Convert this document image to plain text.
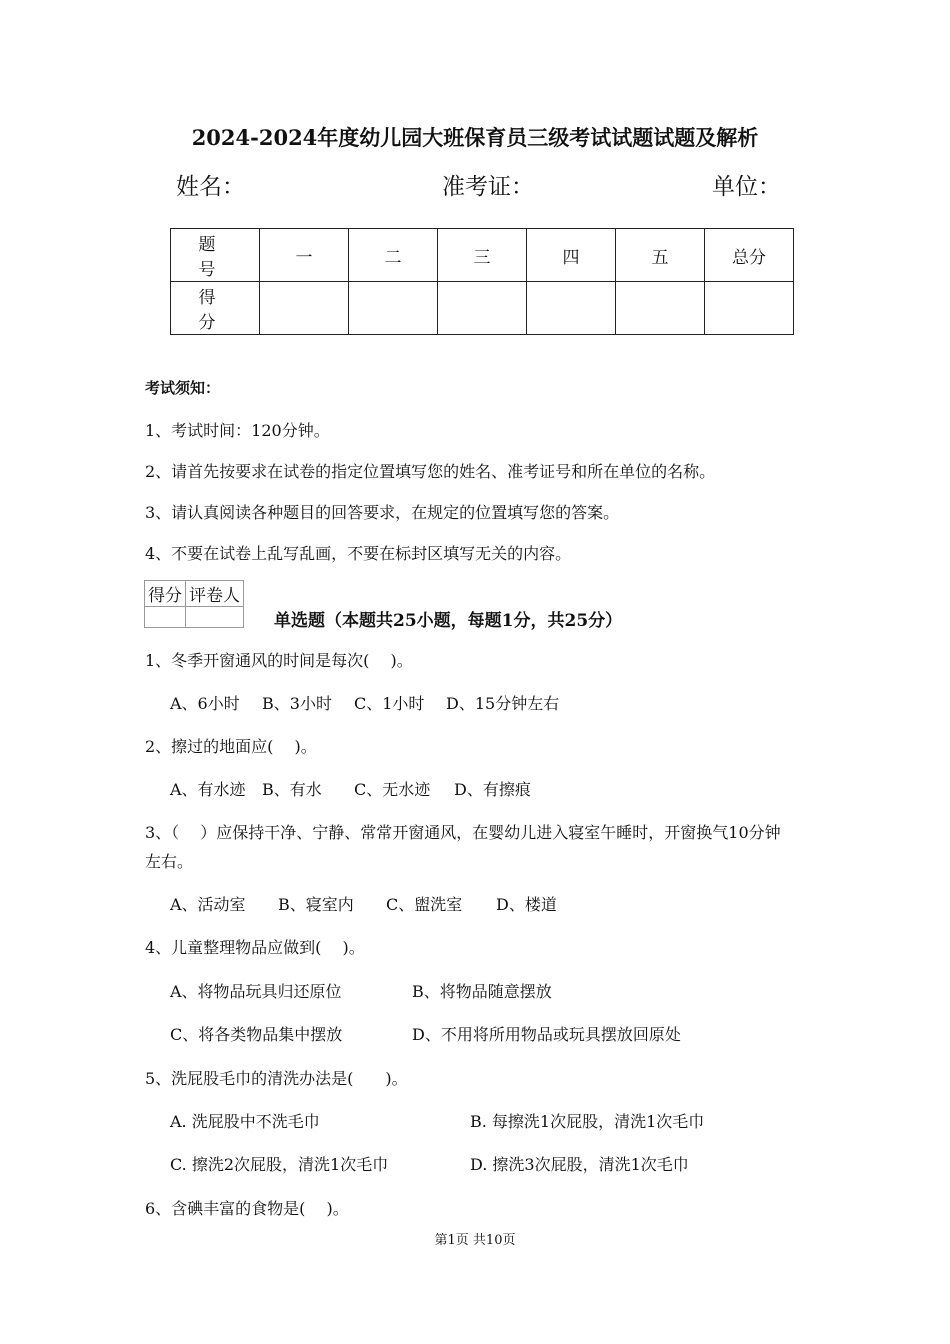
2024-2024年度幼儿园大班保育员三级考试试题试题及解析
姓名：	准考证：	单位：
题 号	一	二	三	四	五	总分
得 分						
考试须知：
1、考试时间：120分钟。
2、请首先按要求在试卷的指定位置填写您的姓名、准考证号和所在单位的名称。
3、请认真阅读各种题目的回答要求，在规定的位置填写您的答案。
4、不要在试卷上乱写乱画，不要在标封区填写无关的内容。
得分	评卷人

单选题（本题共25小题，每题1分，共25分）
1、冬季开窗通风的时间是每次(　 )。
A、6小时 B、3小时 C、1小时 D、15分钟左右
2、擦过的地面应(　 )。
A、有水迹 B、有水 C、无水迹 D、有擦痕
3、（　 ）应保持干净、宁静、常常开窗通风，在婴幼儿进入寝室午睡时，开窗换气10分钟
左右。
A、活动室 B、寝室内 C、盥洗室 D、楼道
4、儿童整理物品应做到(　 )。
A、将物品玩具归还原位	B、将物品随意摆放
C、将各类物品集中摆放	D、不用将所用物品或玩具摆放回原处
5、洗屁股毛巾的清洗办法是(　　)。
A. 洗屁股中不洗毛巾	B. 每擦洗1次屁股，清洗1次毛巾
C. 擦洗2次屁股，清洗1次毛巾	D. 擦洗3次屁股，清洗1次毛巾
6、含碘丰富的食物是(　 )。
第1页 共10页
